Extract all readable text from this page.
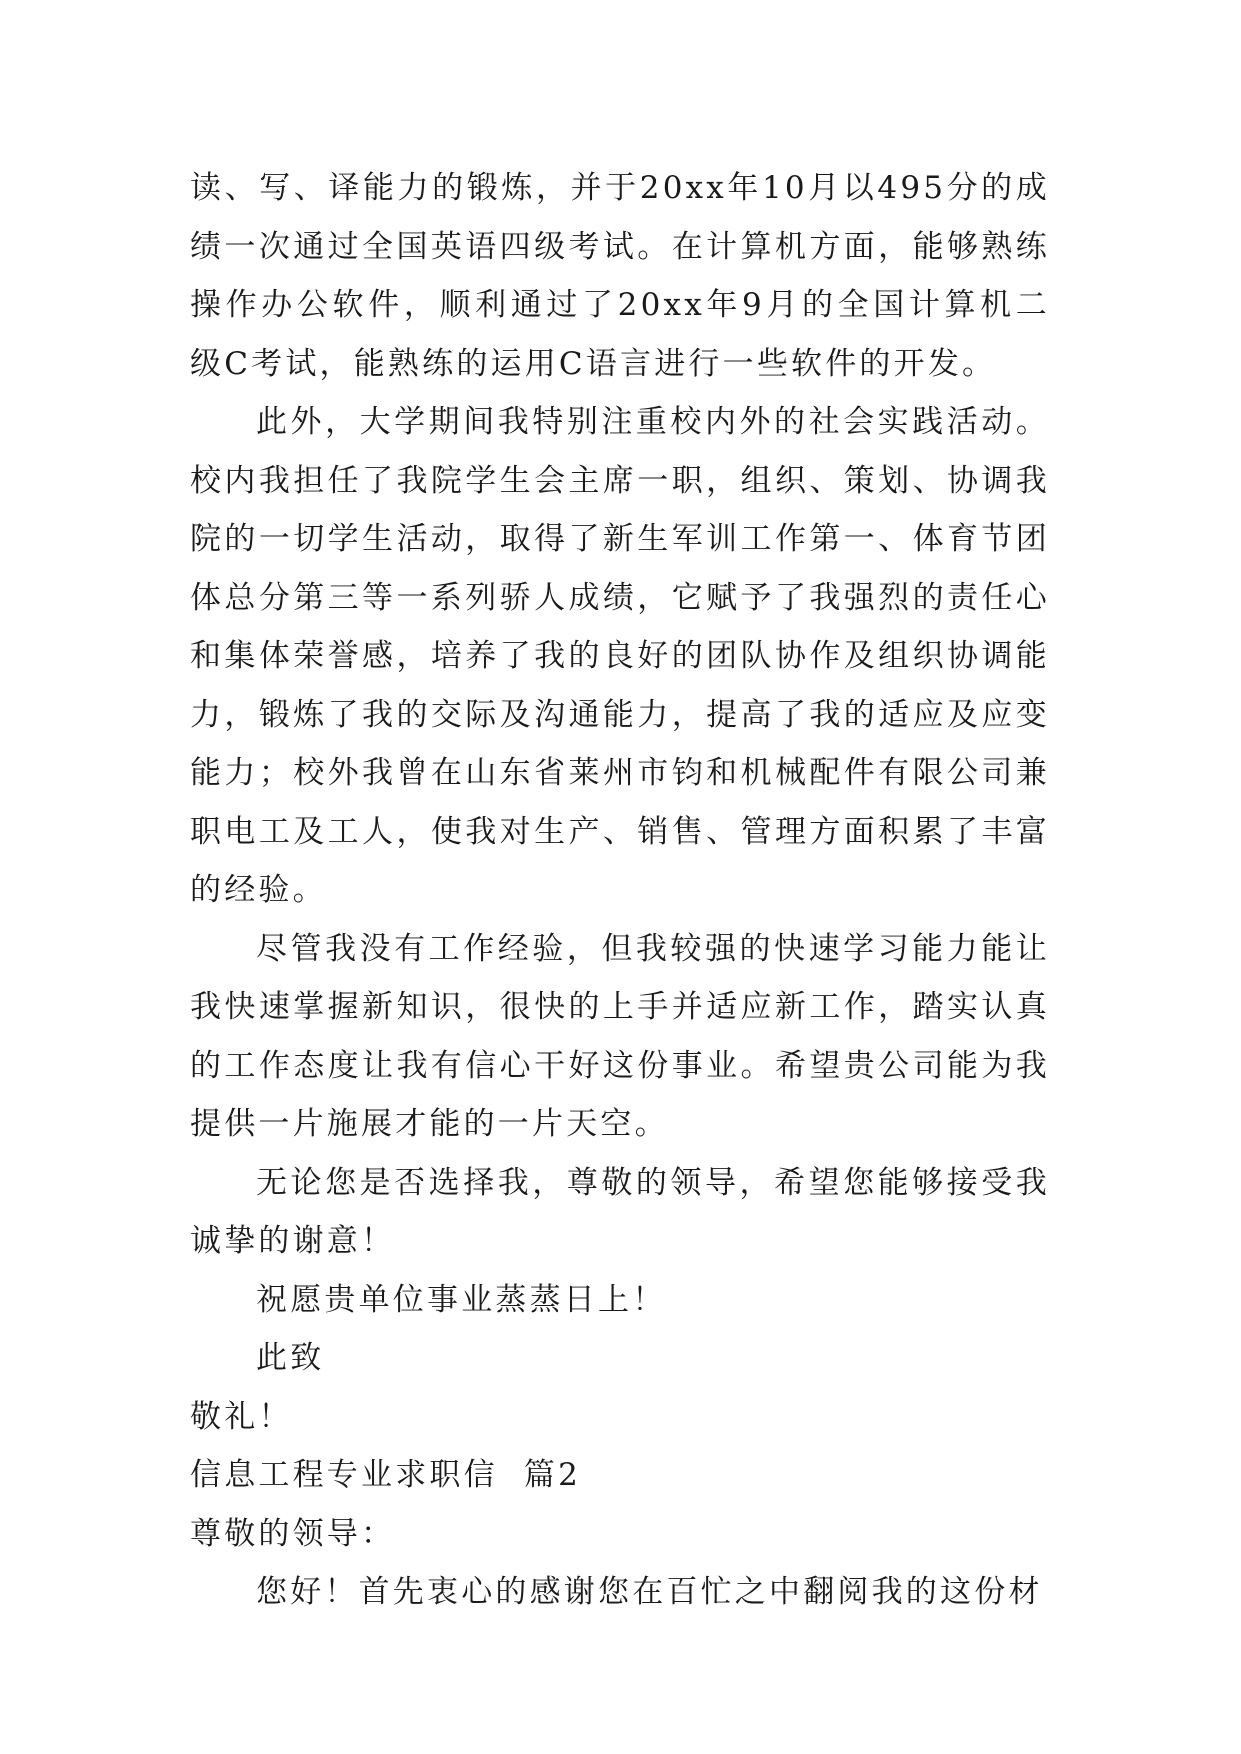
读、写、译能力的锻炼，并于20xx年10月以495分的成绩一次通过全国英语四级考试。在计算机方面，能够熟练操作办公软件，顺利通过了20xx年9月的全国计算机二级C考试，能熟练的运用C语言进行一些软件的开发。

此外，大学期间我特别注重校内外的社会实践活动。校内我担任了我院学生会主席一职，组织、策划、协调我院的一切学生活动，取得了新生军训工作第一、体育节团体总分第三等一系列骄人成绩，它赋予了我强烈的责任心和集体荣誉感，培养了我的良好的团队协作及组织协调能力，锻炼了我的交际及沟通能力，提高了我的适应及应变能力；校外我曾在山东省莱州市钧和机械配件有限公司兼职电工及工人，使我对生产、销售、管理方面积累了丰富的经验。

尽管我没有工作经验，但我较强的快速学习能力能让我快速掌握新知识，很快的上手并适应新工作，踏实认真的工作态度让我有信心干好这份事业。希望贵公司能为我提供一片施展才能的一片天空。

无论您是否选择我，尊敬的领导，希望您能够接受我诚挚的谢意！

祝愿贵单位事业蒸蒸日上！

此致

敬礼！

信息工程专业求职信  篇2

尊敬的领导：

您好！首先衷心的感谢您在百忙之中翻阅我的这份材
